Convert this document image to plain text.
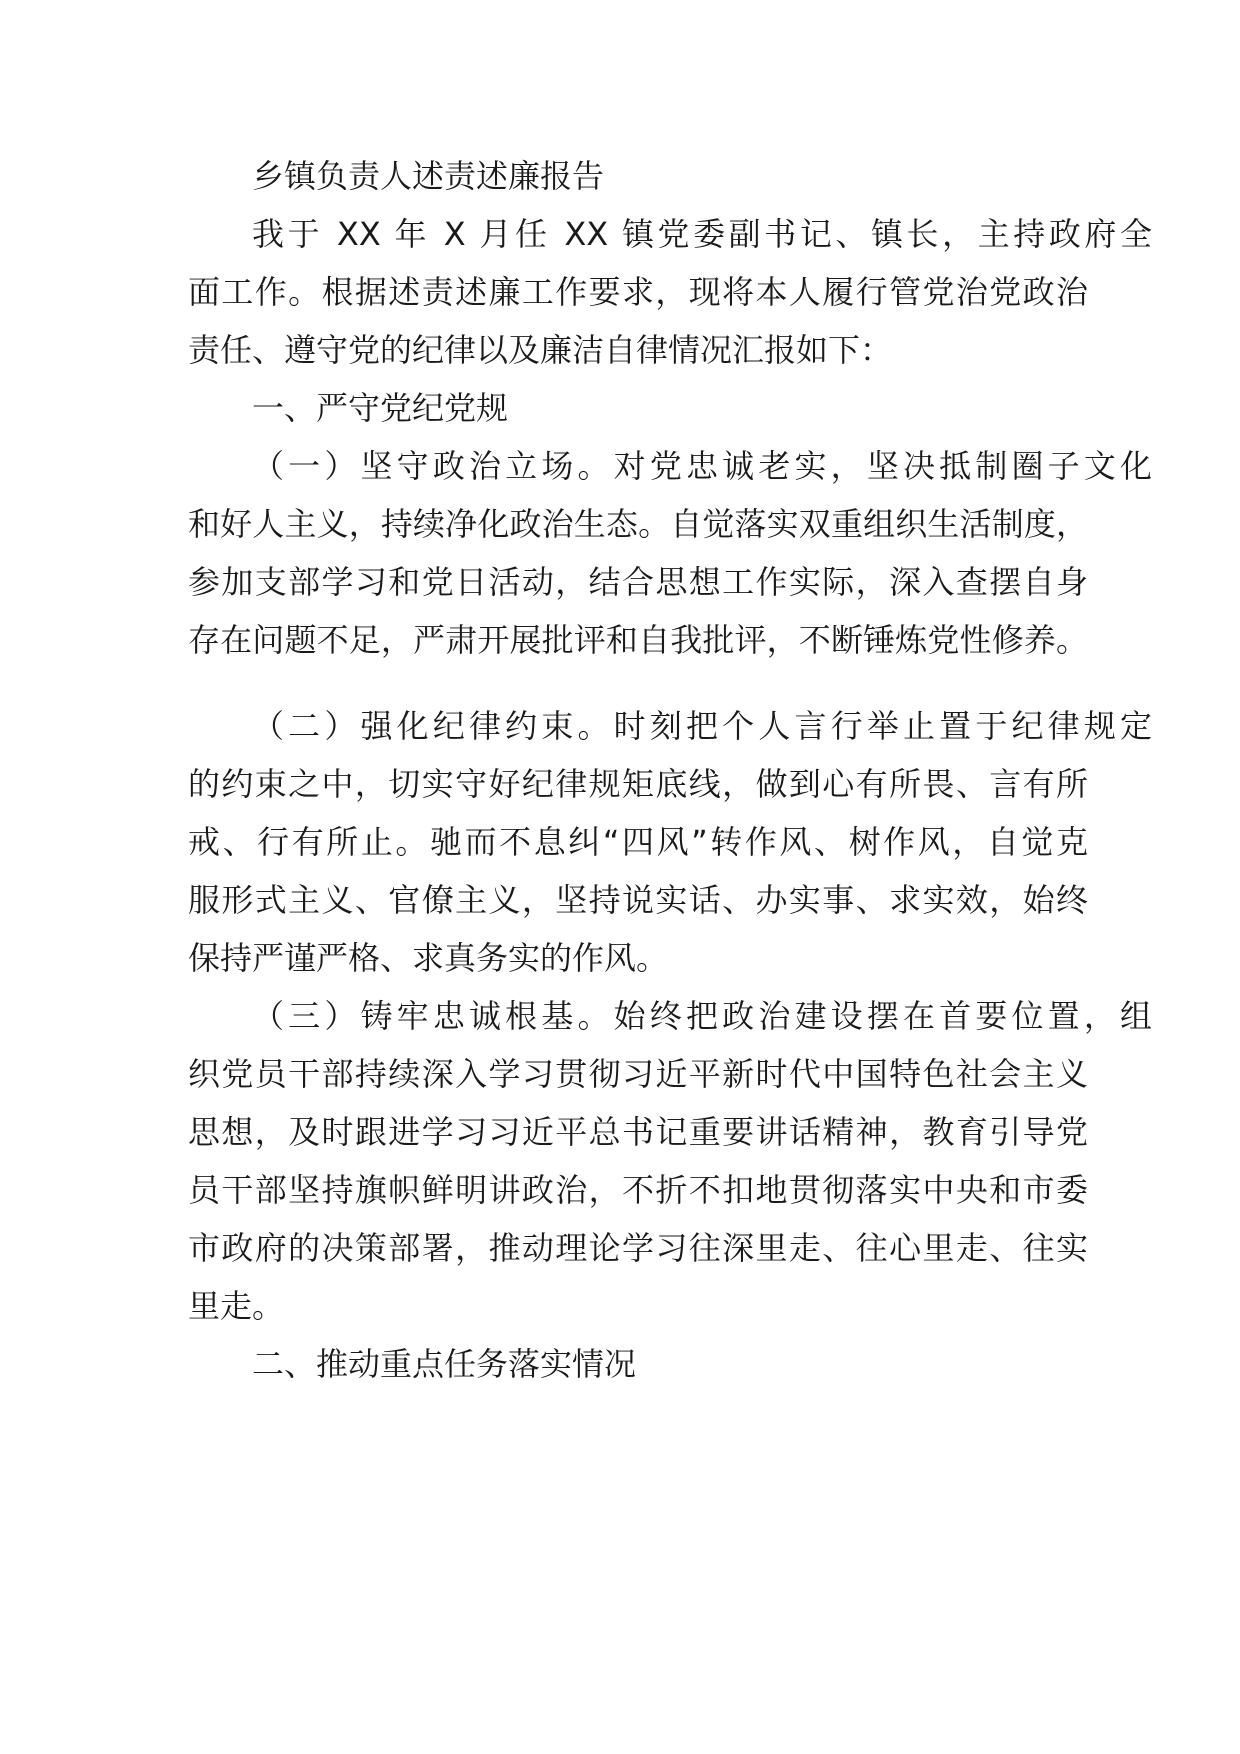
乡镇负责人述责述廉报告
我于 XX 年 X 月任 XX 镇党委副书记、镇长，主持政府全
面工作。根据述责述廉工作要求，现将本人履行管党治党政治
责任、遵守党的纪律以及廉洁自律情况汇报如下：
一、严守党纪党规
（一）坚守政治立场。对党忠诚老实，坚决抵制圈子文化
和好人主义，持续净化政治生态。自觉落实双重组织生活制度，
参加支部学习和党日活动，结合思想工作实际，深入查摆自身
存在问题不足，严肃开展批评和自我批评，不断锤炼党性修养。
（二）强化纪律约束。时刻把个人言行举止置于纪律规定
的约束之中，切实守好纪律规矩底线，做到心有所畏、言有所
戒、行有所止。驰而不息纠“四风”转作风、树作风，自觉克
服形式主义、官僚主义，坚持说实话、办实事、求实效，始终
保持严谨严格、求真务实的作风。
（三）铸牢忠诚根基。始终把政治建设摆在首要位置，组
织党员干部持续深入学习贯彻习近平新时代中国特色社会主义
思想，及时跟进学习习近平总书记重要讲话精神，教育引导党
员干部坚持旗帜鲜明讲政治，不折不扣地贯彻落实中央和市委
市政府的决策部署，推动理论学习往深里走、往心里走、往实
里走。
二、推动重点任务落实情况
